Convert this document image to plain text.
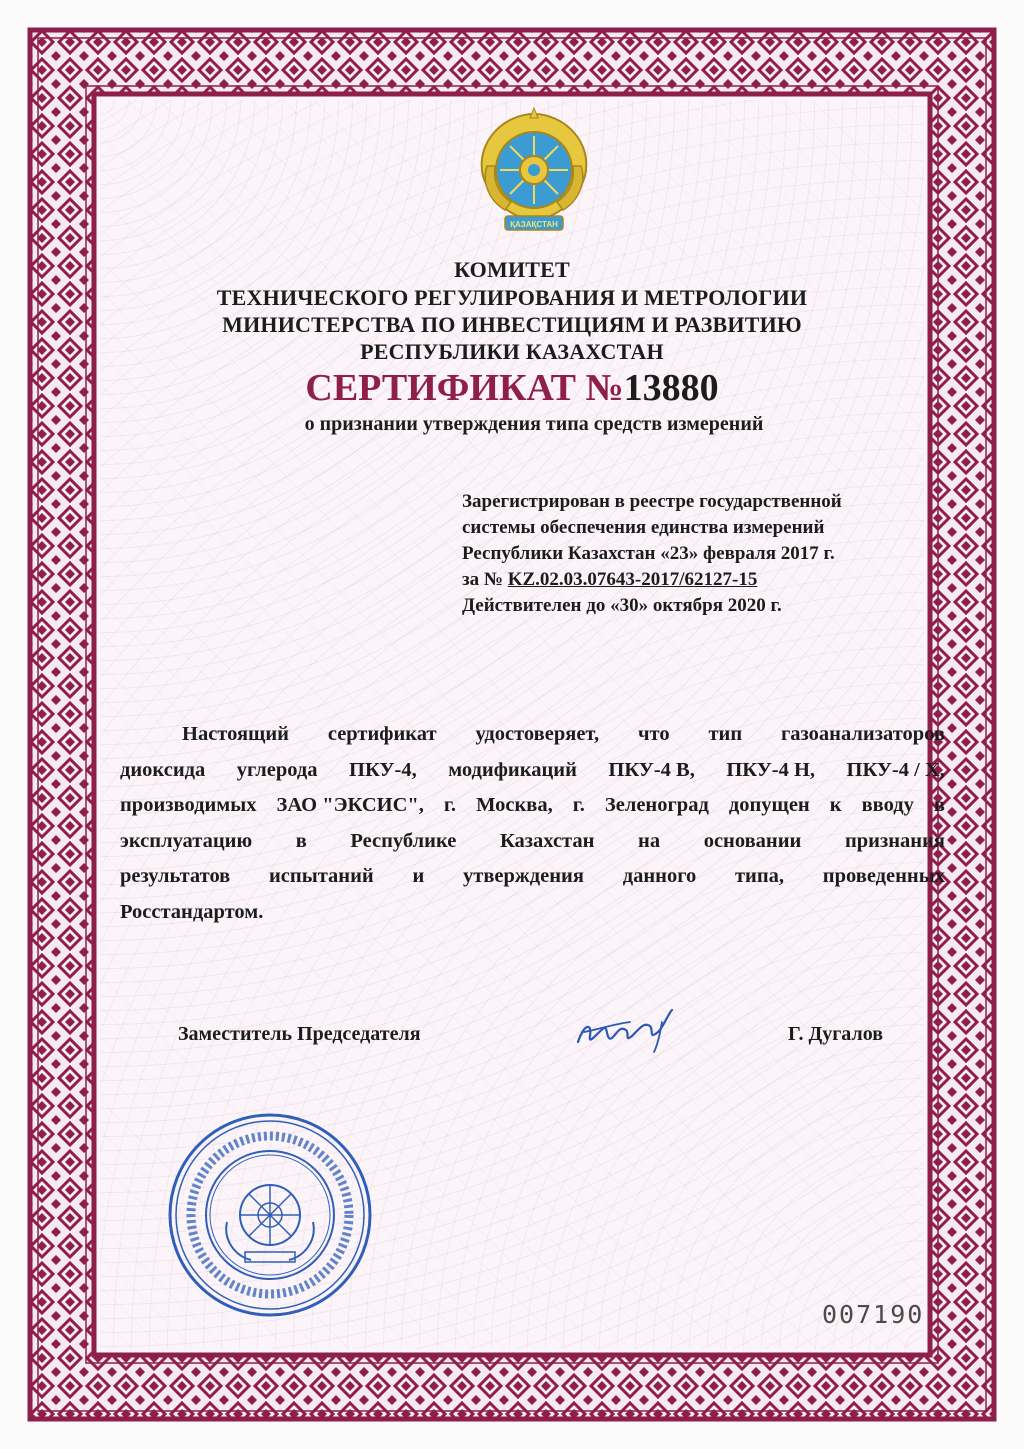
ҚАЗАҚСТАН
КОМИТЕТ
ТЕХНИЧЕСКОГО РЕГУЛИРОВАНИЯ И МЕТРОЛОГИИ
МИНИСТЕРСТВА ПО ИНВЕСТИЦИЯМ И РАЗВИТИЮ
РЕСПУБЛИКИ КАЗАХСТАН
СЕРТИФИКАТ №13880
о признании утверждения типа средств измерений
Зарегистрирован в реестре государственной
системы обеспечения единства измерений
Республики Казахстан «23» февраля 2017 г.
за № KZ.02.03.07643-2017/62127-15
Действителен до «30» октября 2020 г.
Настоящий сертификат удостоверяет, что тип газоанализаторов
диоксида углерода ПКУ-4, модификаций ПКУ-4 В, ПКУ-4 Н, ПКУ-4 / Х,
производимых ЗАО "ЭКСИС", г. Москва, г. Зеленоград допущен к вводу в
эксплуатацию в Республике Казахстан на основании признания
результатов испытаний и утверждения данного типа, проведенных
Росстандартом.
Заместитель Председателя	Г. Дугалов
007190
